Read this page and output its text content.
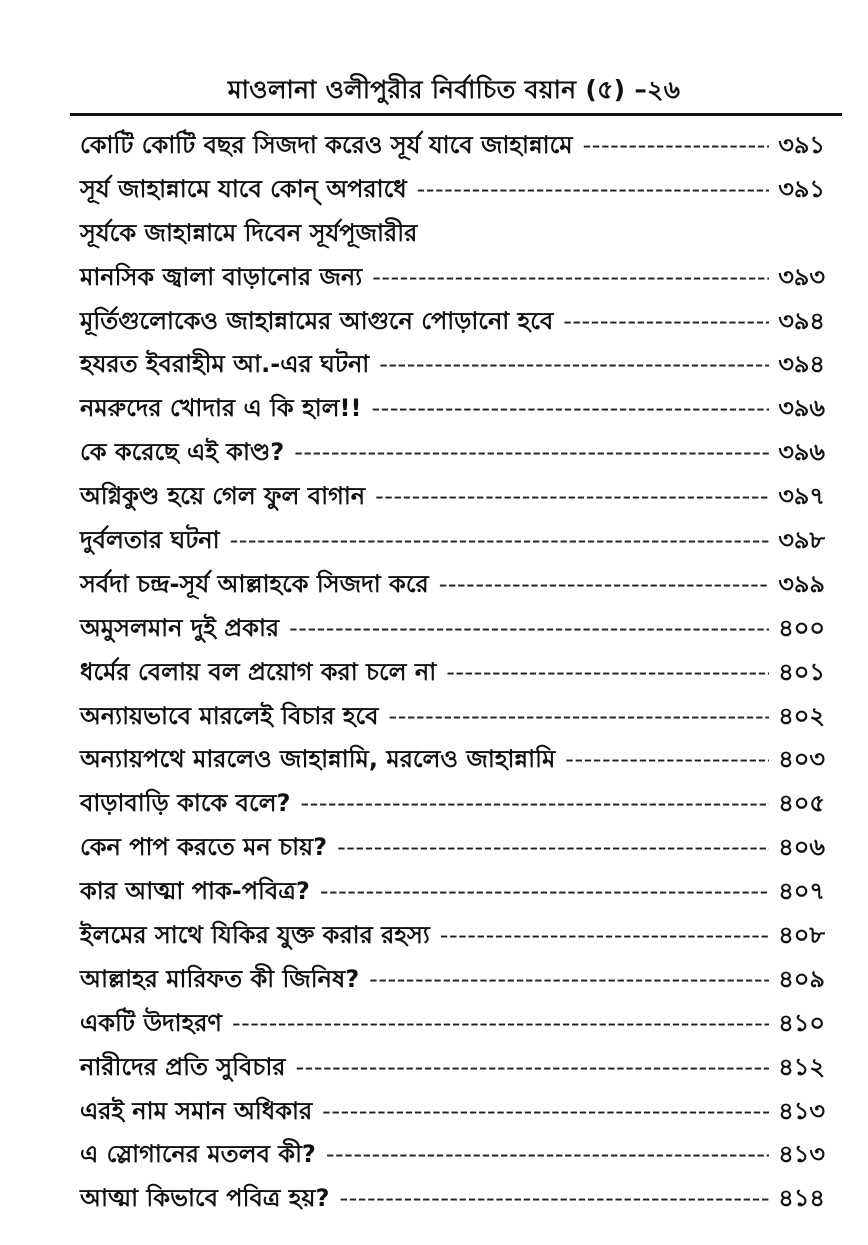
মাওলানা ওলীপুরীর নির্বাচিত বয়ান (৫) –২৬
কোটি কোটি বছর সিজদা করেও সূর্য যাবে জাহান্নামে -----	৩৯১
সূর্য জাহান্নামে যাবে কোন্ অপরাধে -----	৩৯১
সূর্যকে জাহান্নামে দিবেন সূর্যপূজারীর
মানসিক জ্বালা বাড়ানোর জন্য -----	৩৯৩
মূর্তিগুলোকেও জাহান্নামের আগুনে পোড়ানো হবে -----	৩৯৪
হযরত ইবরাহীম আ.-এর ঘটনা -----	৩৯৪
নমরুদের খোদার এ কি হাল!! -----	৩৯৬
কে করেছে এই কাণ্ড? -----	৩৯৬
অগ্নিকুণ্ড হয়ে গেল ফুল বাগান -----	৩৯৭
দুর্বলতার ঘটনা -----	৩৯৮
সর্বদা চন্দ্র-সূর্য আল্লাহকে সিজদা করে -----	৩৯৯
অমুসলমান দুই প্রকার -----	৪০০
ধর্মের বেলায় বল প্রয়োগ করা চলে না -----	৪০১
অন্যায়ভাবে মারলেই বিচার হবে -----	৪০২
অন্যায়পথে মারলেও জাহান্নামি, মরলেও জাহান্নামি -----	৪০৩
বাড়াবাড়ি কাকে বলে? -----	৪০৫
কেন পাপ করতে মন চায়? -----	৪০৬
কার আত্মা পাক-পবিত্র? -----	৪০৭
ইলমের সাথে যিকির যুক্ত করার রহস্য -----	৪০৮
আল্লাহর মারিফত কী জিনিষ? -----	৪০৯
একটি উদাহরণ -----	৪১০
নারীদের প্রতি সুবিচার -----	৪১২
এরই নাম সমান অধিকার -----	৪১৩
এ স্লোগানের মতলব কী? -----	৪১৩
আত্মা কিভাবে পবিত্র হয়? -----	৪১৪
